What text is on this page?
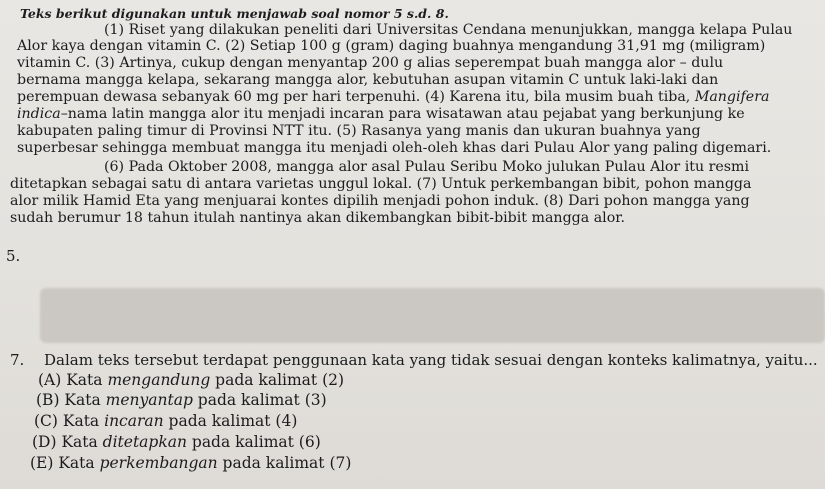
Teks berikut digunakan untuk menjawab soal nomor 5 s.d. 8.
(1) Riset yang dilakukan peneliti dari Universitas Cendana menunjukkan, mangga kelapa Pulau
Alor kaya dengan vitamin C. (2) Setiap 100 g (gram) daging buahnya mengandung 31,91 mg (miligram)
vitamin C. (3) Artinya, cukup dengan menyantap 200 g alias seperempat buah mangga alor – dulu
bernama mangga kelapa, sekarang mangga alor, kebutuhan asupan vitamin C untuk laki-laki dan
perempuan dewasa sebanyak 60 mg per hari terpenuhi. (4) Karena itu, bila musim buah tiba, Mangifera
indica–nama latin mangga alor itu menjadi incaran para wisatawan atau pejabat yang berkunjung ke
kabupaten paling timur di Provinsi NTT itu. (5) Rasanya yang manis dan ukuran buahnya yang
superbesar sehingga membuat mangga itu menjadi oleh-oleh khas dari Pulau Alor yang paling digemari.
(6) Pada Oktober 2008, mangga alor asal Pulau Seribu Moko julukan Pulau Alor itu resmi
ditetapkan sebagai satu di antara varietas unggul lokal. (7) Untuk perkembangan bibit, pohon mangga
alor milik Hamid Eta yang menjuarai kontes dipilih menjadi pohon induk. (8) Dari pohon mangga yang
sudah berumur 18 tahun itulah nantinya akan dikembangkan bibit-bibit mangga alor.
5.
7. Dalam teks tersebut terdapat penggunaan kata yang tidak sesuai dengan konteks kalimatnya, yaitu...
(A) Kata mengandung pada kalimat (2)
(B) Kata menyantap pada kalimat (3)
(C) Kata incaran pada kalimat (4)
(D) Kata ditetapkan pada kalimat (6)
(E) Kata perkembangan pada kalimat (7)
